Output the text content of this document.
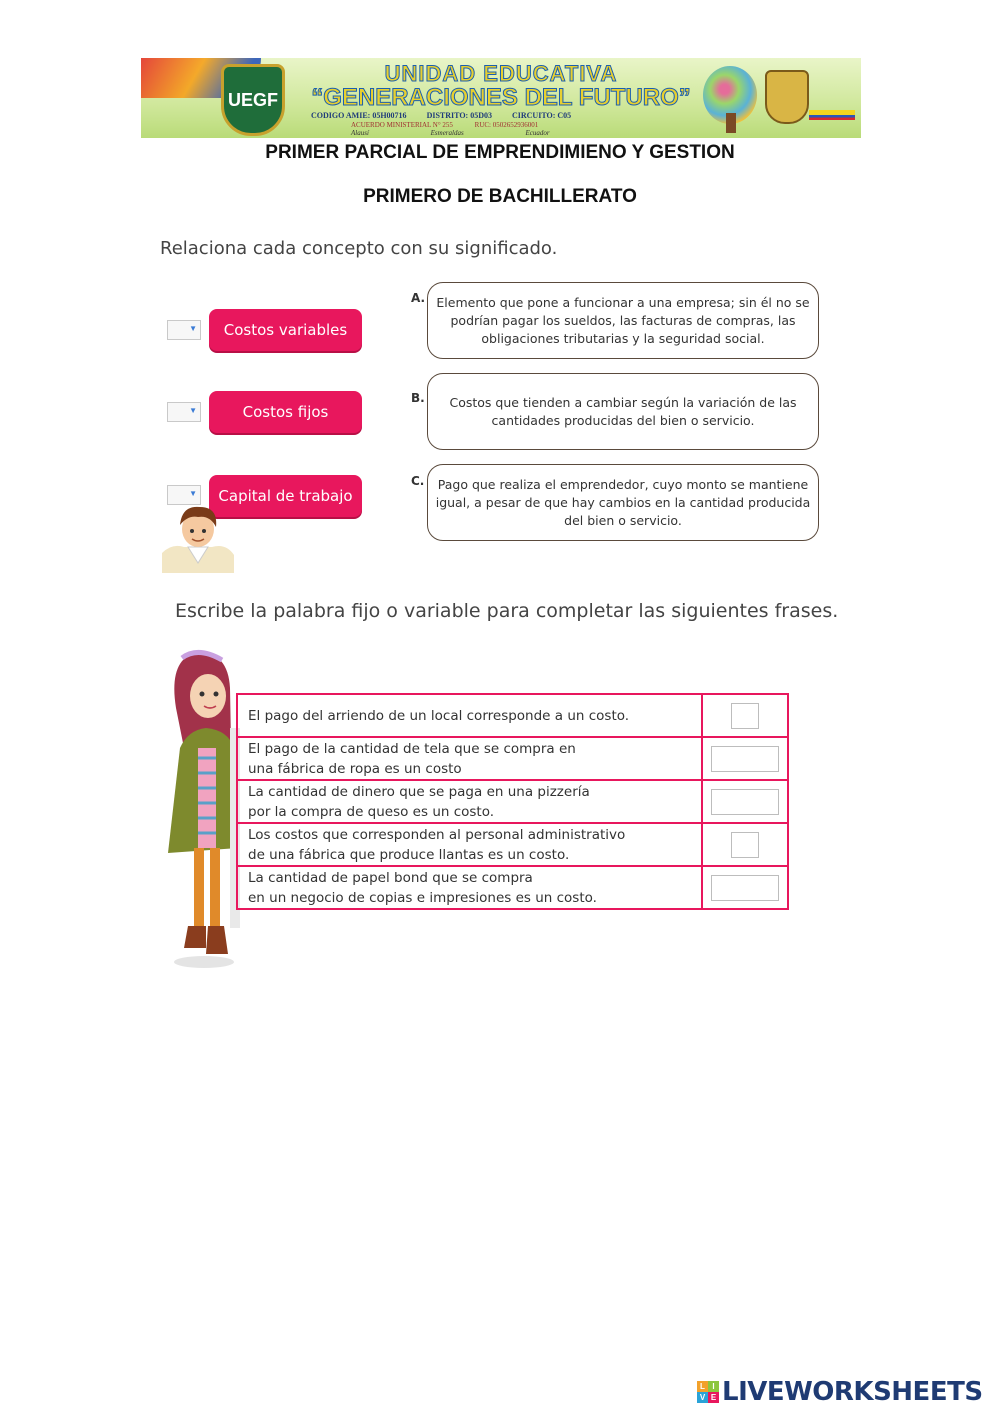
UEGF
UNIDAD EDUCATIVA
“GENERACIONES DEL FUTURO”
CODIGO AMIE: 05H00716	DISTRITO: 05D03	CIRCUITO: C05
ACUERDO MINISTERIAL N° 255	RUC: 0502652936001
Alausí	Esmeraldas	Ecuador
PRIMER PARCIAL DE EMPRENDIMIENO Y GESTION
PRIMERO DE BACHILLERATO
Relaciona cada concepto con su significado.
▼	Costos variables
▼	Costos fijos
▼	Capital de trabajo
A. Elemento que pone a funcionar a una empresa; sin él no se podrían pagar los sueldos, las facturas de compras, las obligaciones tributarias y la seguridad social.
B.	Costos que tienden a cambiar según la variación de las cantidades producidas del bien o servicio.
C.	Pago que realiza el emprendedor, cuyo monto se mantiene igual, a pesar de que hay cambios en la cantidad producida del bien o servicio.
Escribe la palabra fijo o variable para completar las siguientes frases.
El pago del arriendo de un local corresponde a un costo.	

El pago de la cantidad de tela que se compra en
una fábrica de ropa es un costo	

La cantidad de dinero que se paga en una pizzería
por la compra de queso es un costo.	

Los costos que corresponden al personal administrativo
de una fábrica que produce llantas es un costo.	

La cantidad de papel bond que se compra
en un negocio de copias e impresiones es un costo.	
L I
V E LIVEWORKSHEETS
